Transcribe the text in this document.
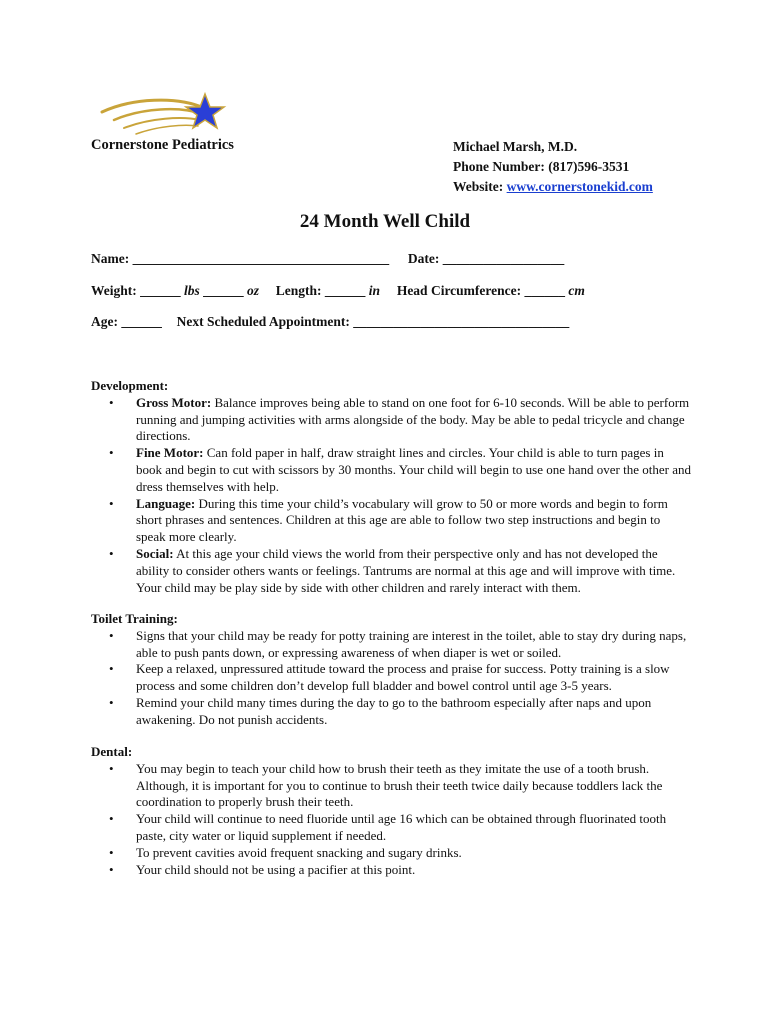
Cornerstone Pediatrics	Michael Marsh, M.D.
Phone Number: (817)596-3531
Website: www.cornerstonekid.com
24 Month Well Child
Name: ______________________________________ Date: __________________
Weight: ______ lbs ______ oz Length: ______ in Head Circumference: ______ cm
Age: ______ Next Scheduled Appointment: ________________________________
Development:
• Gross Motor: Balance improves being able to stand on one foot for 6-10 seconds. Will be able to perform running and jumping activities with arms alongside of the body. May be able to pedal tricycle and change directions.
• Fine Motor: Can fold paper in half, draw straight lines and circles. Your child is able to turn pages in book and begin to cut with scissors by 30 months. Your child will begin to use one hand over the other and dress themselves with help.
• Language: During this time your child’s vocabulary will grow to 50 or more words and begin to form short phrases and sentences. Children at this age are able to follow two step instructions and begin to speak more clearly.
• Social: At this age your child views the world from their perspective only and has not developed the ability to consider others wants or feelings. Tantrums are normal at this age and will improve with time. Your child may be play side by side with other children and rarely interact with them.
Toilet Training:
• Signs that your child may be ready for potty training are interest in the toilet, able to stay dry during naps, able to push pants down, or expressing awareness of when diaper is wet or soiled.
• Keep a relaxed, unpressured attitude toward the process and praise for success. Potty training is a slow process and some children don’t develop full bladder and bowel control until age 3-5 years.
• Remind your child many times during the day to go to the bathroom especially after naps and upon awakening. Do not punish accidents.
Dental:
• You may begin to teach your child how to brush their teeth as they imitate the use of a tooth brush. Although, it is important for you to continue to brush their teeth twice daily because toddlers lack the coordination to properly brush their teeth.
• Your child will continue to need fluoride until age 16 which can be obtained through fluorinated tooth paste, city water or liquid supplement if needed.
• To prevent cavities avoid frequent snacking and sugary drinks.
• Your child should not be using a pacifier at this point.
